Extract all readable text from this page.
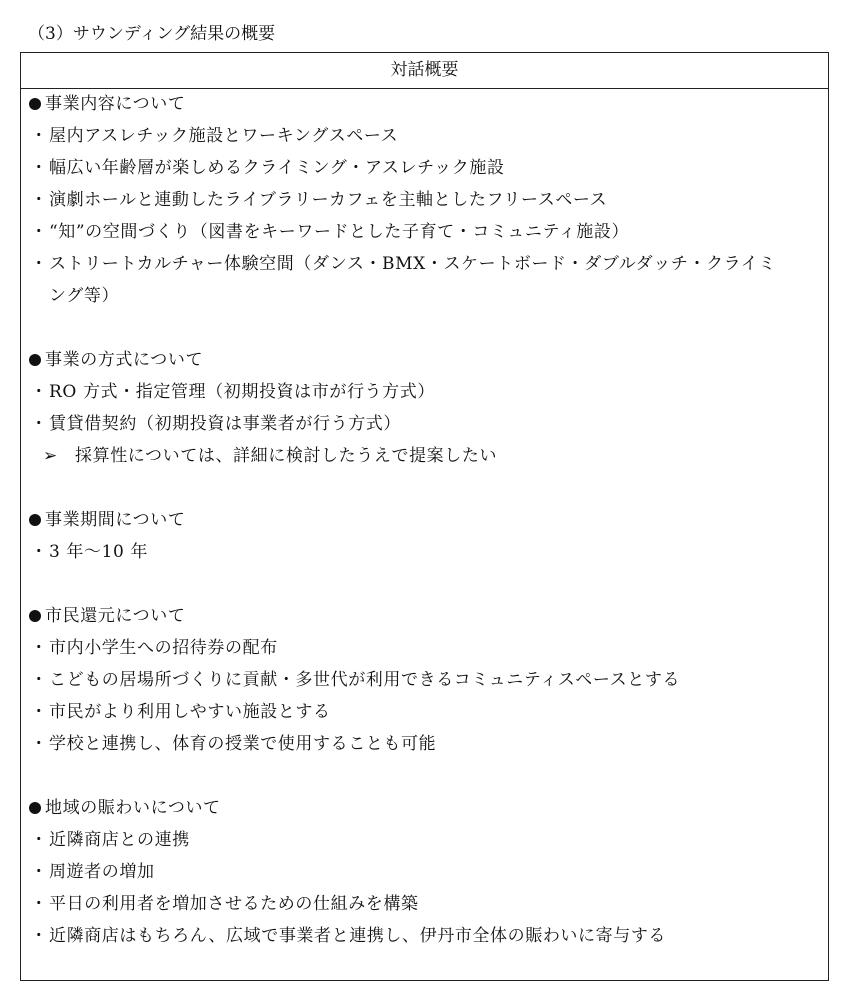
（3）サウンディング結果の概要
対話概要
事業内容について
・屋内アスレチック施設とワーキングスペース
・幅広い年齢層が楽しめるクライミング・アスレチック施設
・演劇ホールと連動したライブラリーカフェを主軸としたフリースペース
・“知”の空間づくり（図書をキーワードとした子育て・コミュニティ施設）
・ストリートカルチャー体験空間（ダンス・BMX・スケートボード・ダブルダッチ・クライミ
ング等）
事業の方式について
・RO 方式・指定管理（初期投資は市が行う方式）
・賃貸借契約（初期投資は事業者が行う方式）
➢ 採算性については、詳細に検討したうえで提案したい
事業期間について
・3 年～10 年
市民還元について
・市内小学生への招待券の配布
・こどもの居場所づくりに貢献・多世代が利用できるコミュニティスペースとする
・市民がより利用しやすい施設とする
・学校と連携し、体育の授業で使用することも可能
地域の賑わいについて
・近隣商店との連携
・周遊者の増加
・平日の利用者を増加させるための仕組みを構築
・近隣商店はもちろん、広域で事業者と連携し、伊丹市全体の賑わいに寄与する
